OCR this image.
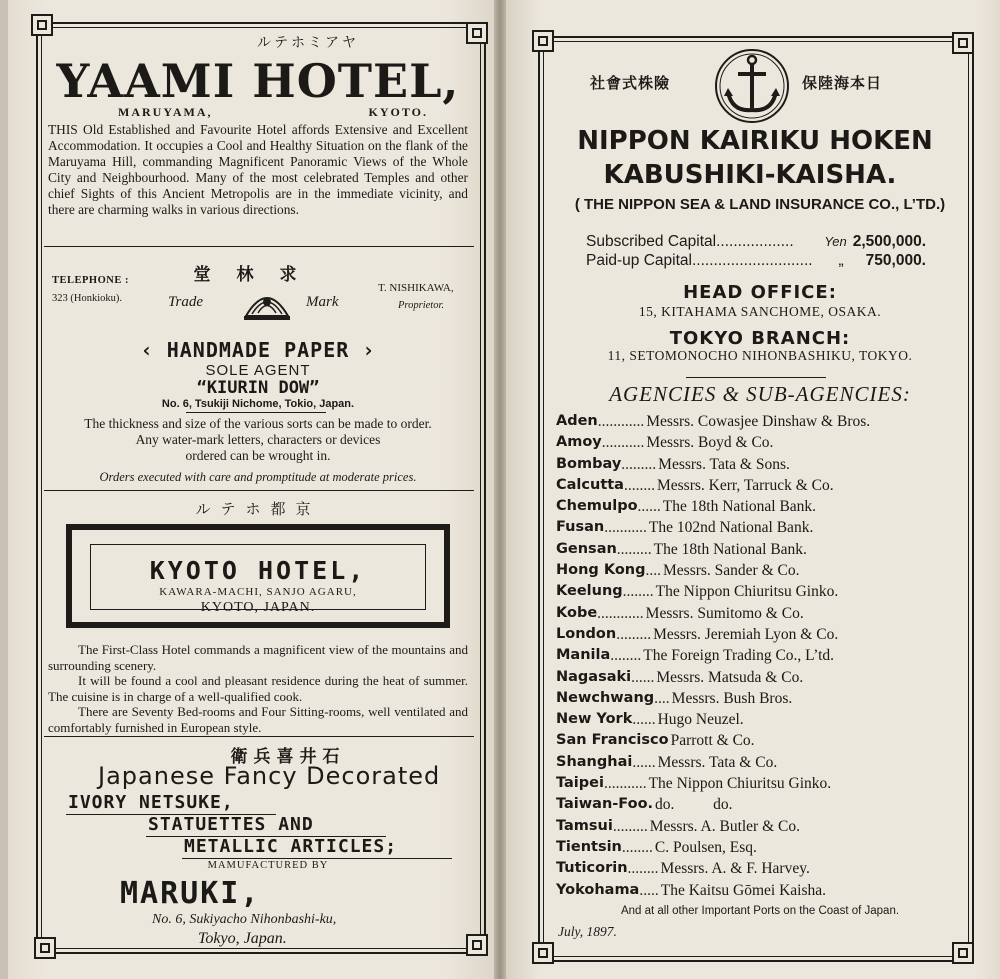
ルテホミアヤ
YAAMI HOTEL,
MARUYAMA,	KYOTO.
THIS Old Established and Favourite Hotel affords Extensive and Excellent Accommodation. It occupies a Cool and Healthy Situation on the flank of the Maruyama Hill, commanding Magnificent Panoramic Views of the Whole City and Neighbourhood. Many of the most celebrated Temples and other chief Sights of this Ancient Metropolis are in the immediate vicinity, and there are charming walks in various directions.
堂林求
TELEPHONE :
323 (Honkioku).	Trade	Mark
T. NISHIKAWA,
Proprietor.
‹ HANDMADE PAPER ›
SOLE AGENT
“KIURIN DOW”
No. 6, Tsukiji Nichome, Tokio, Japan.
The thickness and size of the various sorts can be made to order.
Any water-mark letters, characters or devices
ordered can be wrought in.
Orders executed with care and promptitude at moderate prices.
ルテホ都京
KYOTO HOTEL,
KAWARA-MACHI, SANJO AGARU,
KYOTO, JAPAN.
The First-Class Hotel commands a magnificent view of the mountains and surrounding scenery.
It will be found a cool and pleasant residence during the heat of summer. The cuisine is in charge of a well-qualified cook.
There are Seventy Bed-rooms and Four Sitting-rooms, well ventilated and comfortably furnished in European style.
衛兵喜井石
Japanese Fancy Decorated
IVORY NETSUKE,
STATUETTES AND
METALLIC ARTICLES;
MAMUFACTURED BY
MARUKI,
No. 6, Sukiyacho Nihonbashi-ku,
Tokyo, Japan.
社會式株險	保陸海本日
NIPPON KAIRIKU HOKEN
KABUSHIKI-KAISHA.
( THE NIPPON SEA & LAND INSURANCE CO., L’TD.)
Subscribed Capital ..................	Yen 2,500,000.
Paid-up Capital ............................	„ 750,000.
HEAD OFFICE:
15, KITAHAMA SANCHOME, OSAKA.
TOKYO BRANCH:
11, SETOMONOCHO NIHONBASHIKU, TOKYO.
AGENCIES & SUB-AGENCIES:
Aden ............ Messrs. Cowasjee Dinshaw & Bros.
Amoy ........... Messrs. Boyd & Co.
Bombay ......... Messrs. Tata & Sons.
Calcutta ........ Messrs. Kerr, Tarruck & Co.
Chemulpo ...... The 18th National Bank.
Fusan ........... The 102nd National Bank.
Gensan ......... The 18th National Bank.
Hong Kong .... Messrs. Sander & Co.
Keelung ........ The Nippon Chiuritsu Ginko.
Kobe ............ Messrs. Sumitomo & Co.
London ......... Messrs. Jeremiah Lyon & Co.
Manila ........ The Foreign Trading Co., L’td.
Nagasaki ...... Messrs. Matsuda & Co.
Newchwang .... Messrs. Bush Bros.
New York ...... Hugo Neuzel.
San Francisco Parrott & Co.
Shanghai ...... Messrs. Tata & Co.
Taipei ........... The Nippon Chiuritsu Ginko.
Taiwan-Foo. do.          do.
Tamsui ......... Messrs. A. Butler & Co.
Tientsin ........ C. Poulsen, Esq.
Tuticorin ........ Messrs. A. & F. Harvey.
Yokohama ..... The Kaitsu Gōmei Kaisha.
And at all other Important Ports on the Coast of Japan.
July, 1897.
